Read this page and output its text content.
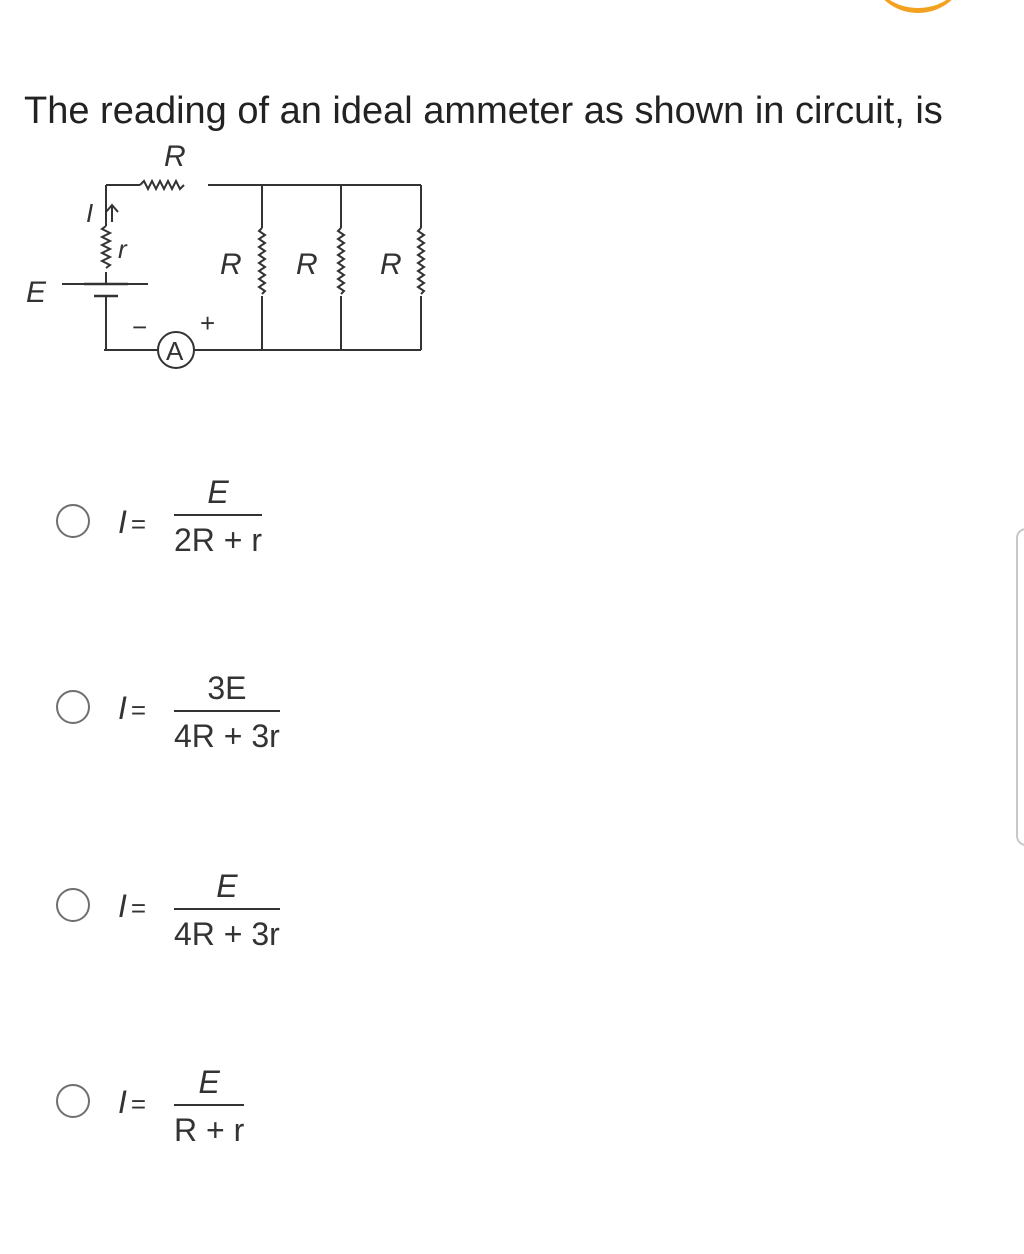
The reading of an ideal ammeter as shown in circuit, is
R
I
r
E
R R R
A
− +
I =
E
2R + r
I =
3E
4R + 3r
I =
E
4R + 3r
I =
E
R + r
